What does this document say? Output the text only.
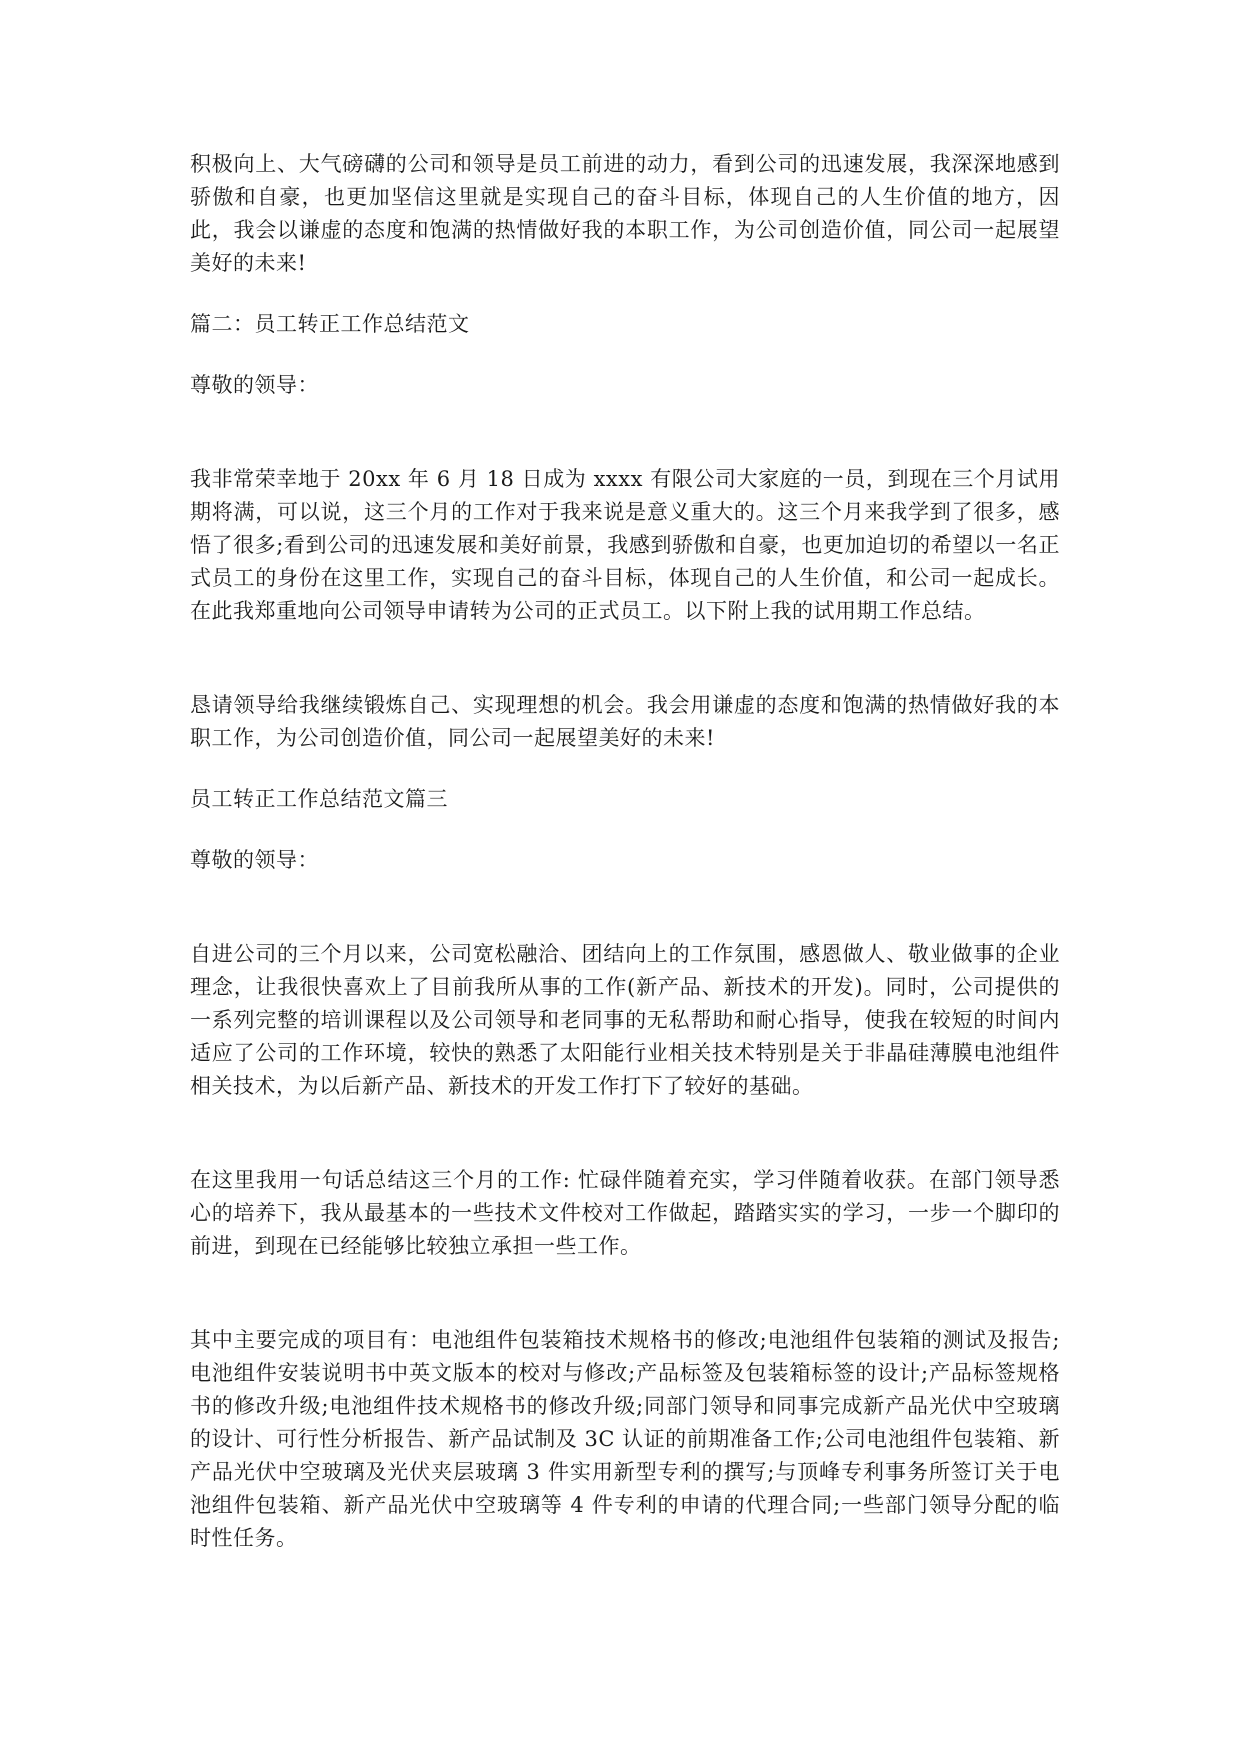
积极向上、大气磅礴的公司和领导是员工前进的动力，看到公司的迅速发展，我深深地感到骄傲和自豪，也更加坚信这里就是实现自己的奋斗目标，体现自己的人生价值的地方，因此，我会以谦虚的态度和饱满的热情做好我的本职工作，为公司创造价值，同公司一起展望美好的未来!

篇二：员工转正工作总结范文

尊敬的领导：

我非常荣幸地于 20xx 年 6 月 18 日成为 xxxx 有限公司大家庭的一员，到现在三个月试用期将满，可以说，这三个月的工作对于我来说是意义重大的。这三个月来我学到了很多，感悟了很多;看到公司的迅速发展和美好前景，我感到骄傲和自豪，也更加迫切的希望以一名正式员工的身份在这里工作，实现自己的奋斗目标，体现自己的人生价值，和公司一起成长。在此我郑重地向公司领导申请转为公司的正式员工。以下附上我的试用期工作总结。

恳请领导给我继续锻炼自己、实现理想的机会。我会用谦虚的态度和饱满的热情做好我的本职工作，为公司创造价值，同公司一起展望美好的未来!

员工转正工作总结范文篇三

尊敬的领导：

自进公司的三个月以来，公司宽松融洽、团结向上的工作氛围，感恩做人、敬业做事的企业理念，让我很快喜欢上了目前我所从事的工作(新产品、新技术的开发)。同时，公司提供的一系列完整的培训课程以及公司领导和老同事的无私帮助和耐心指导，使我在较短的时间内适应了公司的工作环境，较快的熟悉了太阳能行业相关技术特别是关于非晶硅薄膜电池组件相关技术，为以后新产品、新技术的开发工作打下了较好的基础。

在这里我用一句话总结这三个月的工作: 忙碌伴随着充实，学习伴随着收获。在部门领导悉心的培养下，我从最基本的一些技术文件校对工作做起，踏踏实实的学习，一步一个脚印的前进，到现在已经能够比较独立承担一些工作。

其中主要完成的项目有：电池组件包装箱技术规格书的修改;电池组件包装箱的测试及报告;电池组件安装说明书中英文版本的校对与修改;产品标签及包装箱标签的设计;产品标签规格书的修改升级;电池组件技术规格书的修改升级;同部门领导和同事完成新产品光伏中空玻璃的设计、可行性分析报告、新产品试制及 3C 认证的前期准备工作;公司电池组件包装箱、新产品光伏中空玻璃及光伏夹层玻璃 3 件实用新型专利的撰写;与顶峰专利事务所签订关于电池组件包装箱、新产品光伏中空玻璃等 4 件专利的申请的代理合同;一些部门领导分配的临时性任务。
